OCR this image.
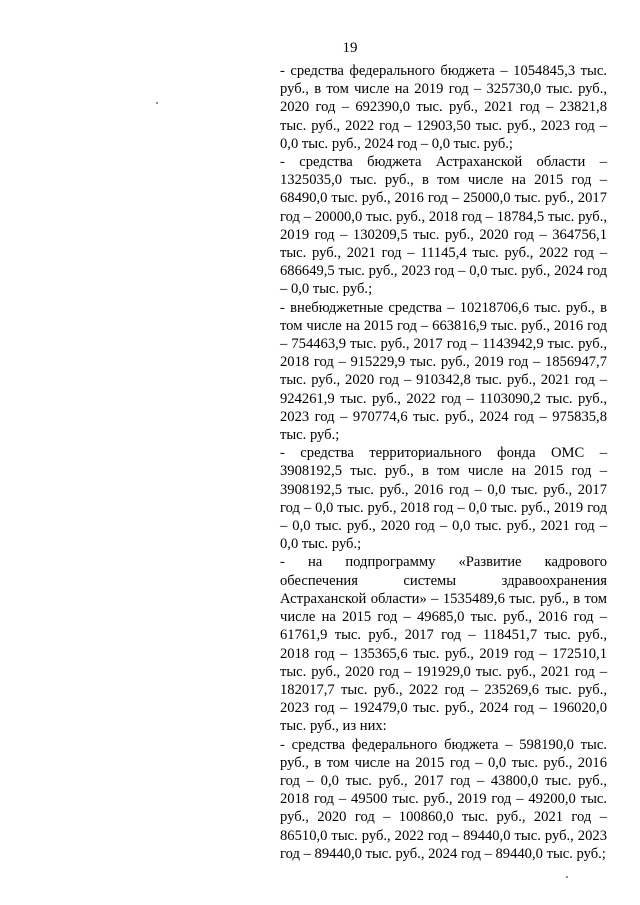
19

- средства федерального бюджета – 1054845,3 тыс. руб., в том числе на 2019 год – 325730,0 тыс. руб., 2020 год – 692390,0 тыс. руб., 2021 год – 23821,8 тыс. руб., 2022 год – 12903,50 тыс. руб., 2023 год – 0,0 тыс. руб., 2024 год – 0,0 тыс. руб.;

- средства бюджета Астраханской области – 1325035,0 тыс. руб., в том числе на 2015 год – 68490,0 тыс. руб., 2016 год – 25000,0 тыс. руб., 2017 год – 20000,0 тыс. руб., 2018 год – 18784,5 тыс. руб., 2019 год – 130209,5 тыс. руб., 2020 год – 364756,1 тыс. руб., 2021 год – 11145,4 тыс. руб., 2022 год – 686649,5 тыс. руб., 2023 год – 0,0 тыс. руб., 2024 год – 0,0 тыс. руб.;

- внебюджетные средства – 10218706,6 тыс. руб., в том числе на 2015 год – 663816,9 тыс. руб., 2016 год – 754463,9 тыс. руб., 2017 год – 1143942,9 тыс. руб., 2018 год – 915229,9 тыс. руб., 2019 год – 1856947,7 тыс. руб., 2020 год – 910342,8 тыс. руб., 2021 год – 924261,9 тыс. руб., 2022 год – 1103090,2 тыс. руб., 2023 год – 970774,6 тыс. руб., 2024 год – 975835,8 тыс. руб.;

- средства территориального фонда ОМС – 3908192,5 тыс. руб., в том числе на 2015 год – 3908192,5 тыс. руб., 2016 год – 0,0 тыс. руб., 2017 год – 0,0 тыс. руб., 2018 год – 0,0 тыс. руб., 2019 год – 0,0 тыс. руб., 2020 год – 0,0 тыс. руб., 2021 год – 0,0 тыс. руб.;

- на подпрограмму «Развитие кадрового обеспечения системы здравоохранения Астраханской области» – 1535489,6 тыс. руб., в том числе на 2015 год – 49685,0 тыс. руб., 2016 год – 61761,9 тыс. руб., 2017 год – 118451,7 тыс. руб., 2018 год – 135365,6 тыс. руб., 2019 год – 172510,1 тыс. руб., 2020 год – 191929,0 тыс. руб., 2021 год – 182017,7 тыс. руб., 2022 год – 235269,6 тыс. руб., 2023 год – 192479,0 тыс. руб., 2024 год – 196020,0 тыс. руб., из них:

- средства федерального бюджета – 598190,0 тыс. руб., в том числе на 2015 год – 0,0 тыс. руб., 2016 год – 0,0 тыс. руб., 2017 год – 43800,0 тыс. руб., 2018 год – 49500 тыс. руб., 2019 год – 49200,0 тыс. руб., 2020 год – 100860,0 тыс. руб., 2021 год – 86510,0 тыс. руб., 2022 год – 89440,0 тыс. руб., 2023 год – 89440,0 тыс. руб., 2024 год – 89440,0 тыс. руб.;
